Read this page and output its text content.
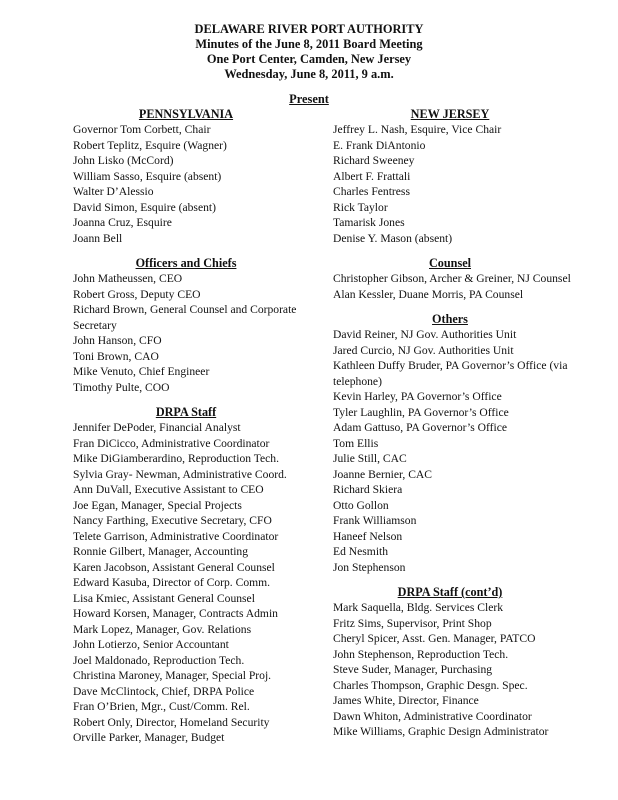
DELAWARE RIVER PORT AUTHORITY
Minutes of the June 8, 2011 Board Meeting
One Port Center, Camden, New Jersey
Wednesday, June 8, 2011, 9 a.m.
Present
PENNSYLVANIA
Governor Tom Corbett, Chair
Robert Teplitz, Esquire (Wagner)
John Lisko (McCord)
William Sasso, Esquire (absent)
Walter D’Alessio
David Simon, Esquire (absent)
Joanna Cruz, Esquire
Joann Bell
Officers and Chiefs
John Matheussen, CEO
Robert Gross, Deputy CEO
Richard Brown, General Counsel and Corporate Secretary
John Hanson, CFO
Toni Brown, CAO
Mike Venuto, Chief Engineer
Timothy Pulte, COO
DRPA Staff
Jennifer DePoder, Financial Analyst
Fran DiCicco, Administrative Coordinator
Mike DiGiamberardino, Reproduction Tech.
Sylvia Gray- Newman, Administrative Coord.
Ann DuVall, Executive Assistant to CEO
Joe Egan, Manager, Special Projects
Nancy Farthing, Executive Secretary, CFO
Telete Garrison, Administrative Coordinator
Ronnie Gilbert, Manager, Accounting
Karen Jacobson, Assistant General Counsel
Edward Kasuba, Director of Corp. Comm.
Lisa Kmiec, Assistant General Counsel
Howard Korsen, Manager, Contracts Admin
Mark Lopez, Manager, Gov. Relations
John Lotierzo, Senior Accountant
Joel Maldonado, Reproduction Tech.
Christina Maroney, Manager, Special Proj.
Dave McClintock, Chief, DRPA Police
Fran O’Brien, Mgr., Cust/Comm. Rel.
Robert Only, Director, Homeland Security
Orville Parker, Manager, Budget
NEW JERSEY
Jeffrey L. Nash, Esquire, Vice Chair
E. Frank DiAntonio
Richard Sweeney
Albert F. Frattali
Charles Fentress
Rick Taylor
Tamarisk Jones
Denise Y. Mason (absent)
Counsel
Christopher Gibson, Archer & Greiner, NJ Counsel
Alan Kessler, Duane Morris, PA Counsel
Others
David Reiner, NJ Gov. Authorities Unit
Jared Curcio, NJ Gov. Authorities Unit
Kathleen Duffy Bruder, PA Governor’s Office (via telephone)
Kevin Harley, PA Governor’s Office
Tyler Laughlin, PA Governor’s Office
Adam Gattuso, PA Governor’s Office
Tom Ellis
Julie Still, CAC
Joanne Bernier, CAC
Richard Skiera
Otto Gollon
Frank Williamson
Haneef Nelson
Ed Nesmith
Jon Stephenson
DRPA Staff (cont’d)
Mark Saquella, Bldg. Services Clerk
Fritz Sims, Supervisor, Print Shop
Cheryl Spicer, Asst. Gen. Manager, PATCO
John Stephenson, Reproduction Tech.
Steve Suder, Manager, Purchasing
Charles Thompson, Graphic Desgn. Spec.
James White, Director, Finance
Dawn Whiton, Administrative Coordinator
Mike Williams, Graphic Design Administrator
